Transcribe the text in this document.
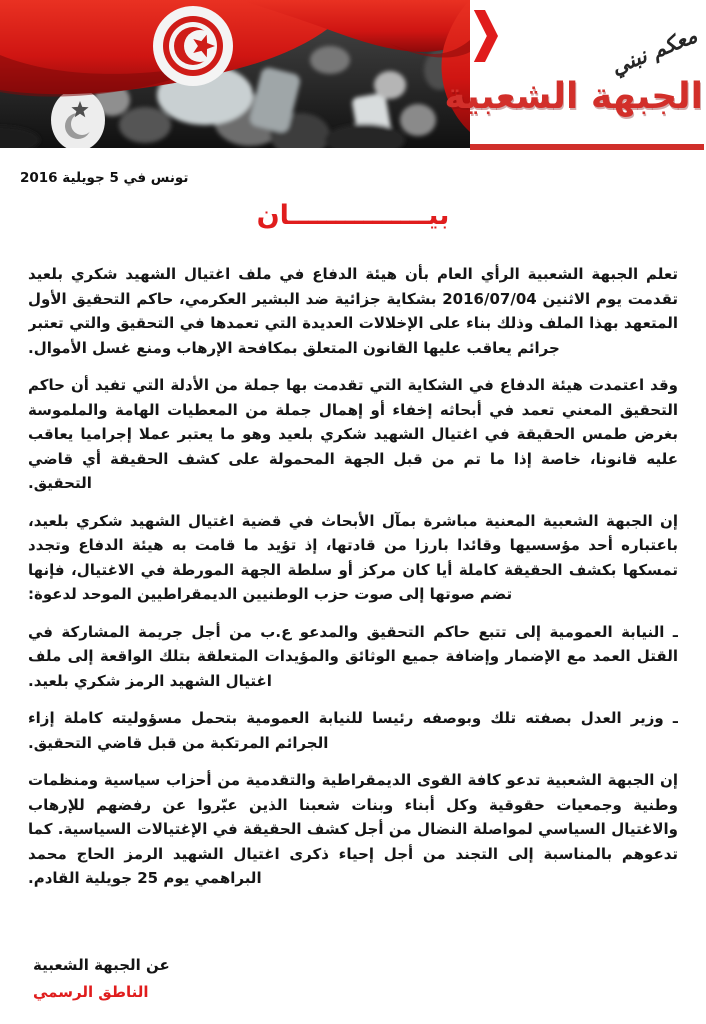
معكم نبني
الجبهة الشعبية
تونس في 5 جويلية 2016
بيـــــــــــــــان

تعلم الجبهة الشعبية الرأي العام بأن هيئة الدفاع في ملف اغتيال الشهيد شكري بلعيد تقدمت يوم الاثنين 2016/07/04 بشكاية جزائية ضد البشير العكرمي، حاكم التحقيق الأول المتعهد بهذا الملف وذلك بناء على الإخلالات العديدة التي تعمدها في التحقيق والتي تعتبر جرائم يعاقب عليها القانون المتعلق بمكافحة الإرهاب ومنع غسل الأموال.

وقد اعتمدت هيئة الدفاع في الشكاية التي تقدمت بها جملة من الأدلة التي تفيد أن حاكم التحقيق المعني تعمد في أبحاثه إخفاء أو إهمال جملة من المعطيات الهامة والملموسة بغرض طمس الحقيقة في اغتيال الشهيد شكري بلعيد وهو ما يعتبر عملا إجراميا يعاقب عليه قانونا، خاصة إذا ما تم من قبل الجهة المحمولة على كشف الحقيقة أي قاضي التحقيق.

إن الجبهة الشعبية المعنية مباشرة بمآل الأبحاث في قضية اغتيال الشهيد شكري بلعيد، باعتباره أحد مؤسسيها وقائدا بارزا من قادتها، إذ تؤيد ما قامت به هيئة الدفاع وتجدد تمسكها بكشف الحقيقة كاملة أيا كان مركز أو سلطة الجهة المورطة في الاغتيال، فإنها تضم صوتها إلى صوت حزب الوطنيين الديمقراطيين الموحد لدعوة:

ـ النيابة العمومية إلى تتبع حاكم التحقيق والمدعو ع.ب من أجل جريمة المشاركة في القتل العمد مع الإضمار وإضافة جميع الوثائق والمؤيدات المتعلقة بتلك الواقعة إلى ملف اغتيال الشهيد الرمز شكري بلعيد.

ـ وزير العدل بصفته تلك وبوصفه رئيسا للنيابة العمومية بتحمل مسؤوليته كاملة إزاء الجرائم المرتكبة من قبل قاضي التحقيق.

إن الجبهة الشعبية تدعو كافة القوى الديمقراطية والتقدمية من أحزاب سياسية ومنظمات وطنية وجمعيات حقوقية وكل أبناء وبنات شعبنا الذين عبّروا عن رفضهم للإرهاب والاغتيال السياسي لمواصلة النضال من أجل كشف الحقيقة في الإغتيالات السياسية. كما تدعوهم بالمناسبة إلى التجند من أجل إحياء ذكرى اغتيال الشهيد الرمز الحاج محمد البراهمي يوم 25 جويلية القادم.

عن الجبهة الشعبية
الناطق الرسمي
